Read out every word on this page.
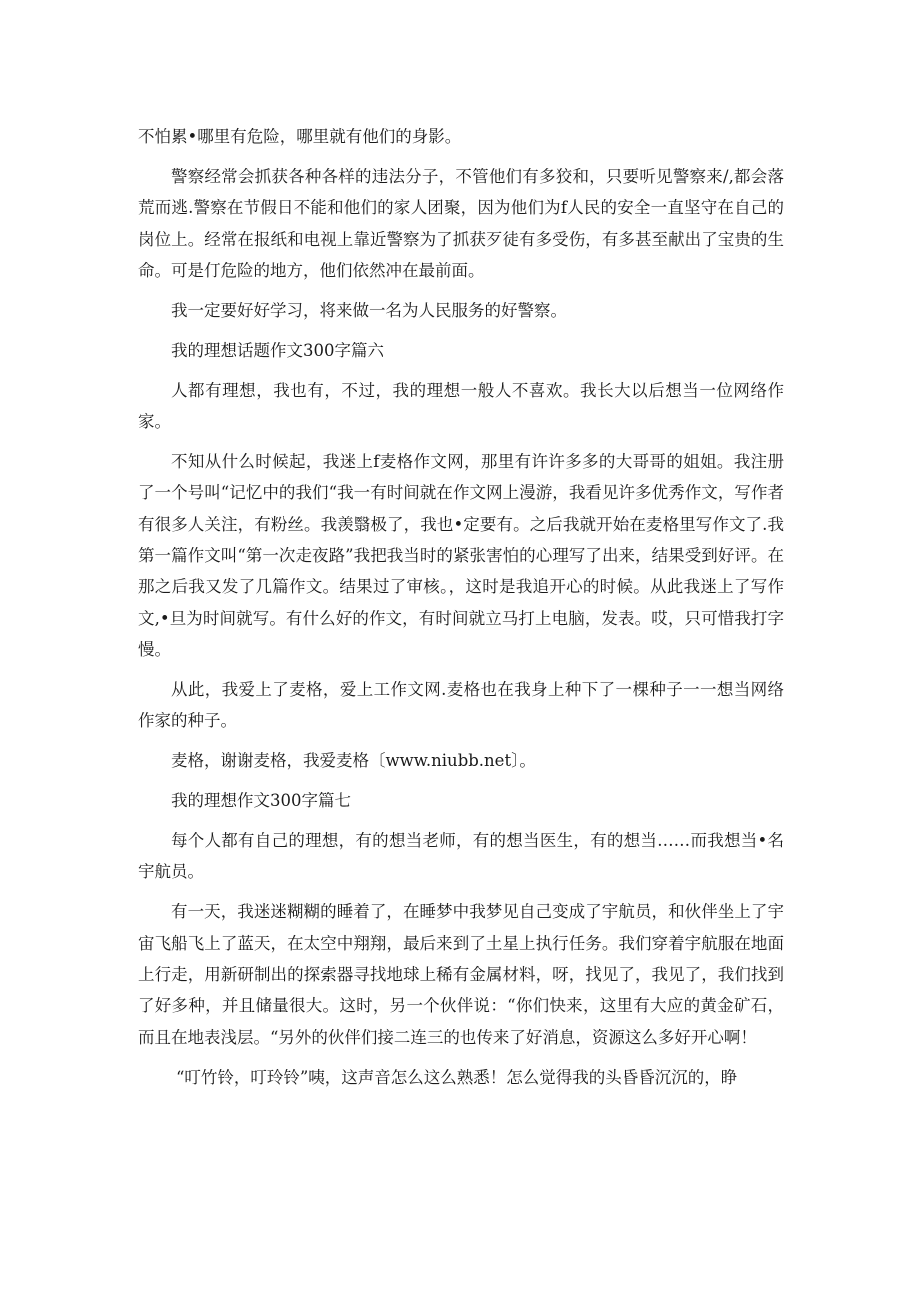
不怕累•哪里有危险，哪里就有他们的身影。

警察经常会抓获各种各样的违法分子，不管他们有多狡和，只要听见警察来/,都会落荒而逃.警察在节假日不能和他们的家人团聚，因为他们为f人民的安全一直坚守在自己的岗位上。经常在报纸和电视上靠近警察为了抓获歹徒有多受伤，有多甚至献出了宝贵的生命。可是仃危险的地方，他们依然冲在最前面。

我一定要好好学习，将来做一名为人民服务的好警察。

我的理想话题作文300字篇六

人都有理想，我也有，不过，我的理想一般人不喜欢。我长大以后想当一位网络作家。

不知从什么时候起，我迷上f麦格作文网，那里有许许多多的大哥哥的姐姐。我注册了一个号叫“记忆中的我们“我一有时间就在作文网上漫游，我看见许多优秀作文，写作者有很多人关注，有粉丝。我羡翳极了，我也•定要有。之后我就开始在麦格里写作文了.我第一篇作文叫“第一次走夜路”我把我当时的紧张害怕的心理写了出来，结果受到好评。在那之后我又发了几篇作文。结果过了审核。，这时是我追开心的时候。从此我迷上了写作文,•旦为时间就写。有什么好的作文，有时间就立马打上电脑，发表。哎，只可惜我打字慢。

从此，我爱上了麦格，爱上工作文网.麦格也在我身上种下了一棵种子一一想当网络作家的种子。

麦格，谢谢麦格，我爱麦格〔www.niubb.net〕。

我的理想作文300字篇七

每个人都有自己的理想，有的想当老师，有的想当医生，有的想当……而我想当•名宇航员。

有一天，我迷迷糊糊的睡着了，在睡梦中我梦见自己变成了宇航员，和伙伴坐上了宇宙飞船飞上了蓝天，在太空中翔翔，最后来到了土星上执行任务。我们穿着宇航服在地面上行走，用新研制出的探索器寻找地球上稀有金属材料，呀，找见了，我见了，我们找到了好多种，并且储量很大。这时，另一个伙伴说：“你们快来，这里有大应的黄金矿石，而且在地表浅层。“另外的伙伴们接二连三的也传来了好消息，资源这么多好开心啊！

“叮竹铃，叮玲铃”咦，这声音怎么这么熟悉！怎么觉得我的头昏昏沉沉的，睁
